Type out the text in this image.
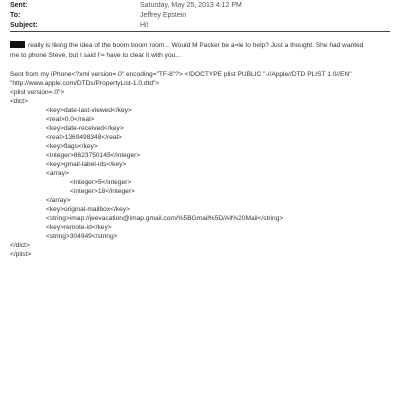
Sent:	Saturday, May 25, 2013 4:12 PM
To:	Jeffrey Epstein
Subject:	Hi!
really is liking the idea of the boom boom room... Would M Packer be a=le to help? Just a thought. She had wanted
me to phone Steve, but I said I'= have to clear it with you...
Sent from my iPhone<?xml version=.0" encoding="TF-8"?> <!DOCTYPE plist PUBLIC "-//Apple//DTD PLIST 1.0//EN"
"http://www.apple.com/DTDs/PropertyList-1.0.dtd">
<plist version=.0">
<dict>
<key>date-last-viewed</key>
<real>0.0</real>
<key>date-received</key>
<real>1369498348</real>
<key>flags</key>
<integer>8623750145</integer>
<key>gmail-label-ids</key>
<array>
<integer>5</integer>
<integer>18</integer>
</array>
<key>original-mailbox</key>
<string>imap://jeevacation@imap.gmail.com/%5BGmail%5D/All%20Mail</string>
<key>remote-id</key>
<string>304949</string>
</dict>
</plist>
